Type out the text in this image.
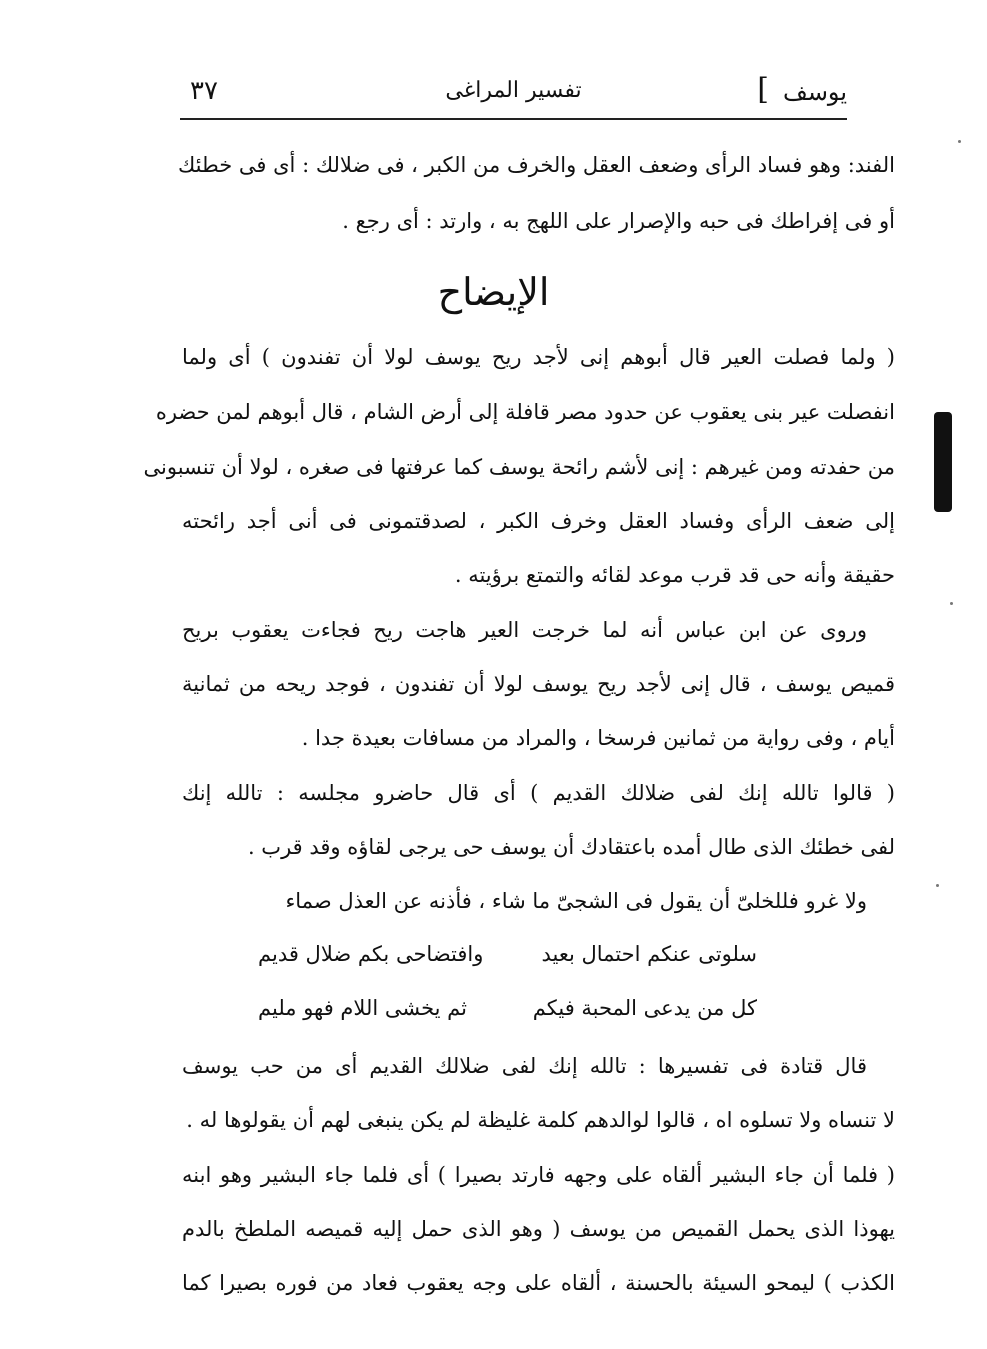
يوسف
]
تفسير المراغى
٣٧
الفند: وهو فساد الرأى وضعف العقل والخرف من الكبر ، فى ضلالك : أى فى خطئك
أو فى إفراطك فى حبه والإصرار على اللهج به ، وارتد : أى رجع .
الإيضاح
( ولما فصلت العير قال أبوهم إنى لأجد ريح يوسف لولا أن تفندون ) أى ولما
انفصلت عير بنى يعقوب عن حدود مصر قافلة إلى أرض الشام ، قال أبوهم لمن حضره
من حفدته ومن غيرهم : إنى لأشم رائحة يوسف كما عرفتها فى صغره ، لولا أن تنسبونى
إلى ضعف الرأى وفساد العقل وخرف الكبر ، لصدقتمونى فى أنى أجد رائحته
حقيقة وأنه حى قد قرب موعد لقائه والتمتع برؤيته .
وروى عن ابن عباس أنه لما خرجت العير هاجت ريح فجاءت يعقوب بريح
قميص يوسف ، قال إنى لأجد ريح يوسف لولا أن تفندون ، فوجد ريحه من ثمانية
أيام ، وفى رواية من ثمانين فرسخا ، والمراد من مسافات بعيدة جدا .
( قالوا تالله إنك لفى ضلالك القديم ) أى قال حاضرو مجلسه : تالله إنك
لفى خطئك الذى طال أمده باعتقادك أن يوسف حى يرجى لقاؤه وقد قرب .
ولا غرو فللخلىّ أن يقول فى الشجىّ ما شاء ، فأذنه عن العذل صماء
سلوتى عنكم احتمال بعيد
وافتضاحى بكم ضلال قديم
كل من يدعى المحبة فيكم
ثم يخشى اللام فهو مليم
قال قتادة فى تفسيرها : تالله إنك لفى ضلالك القديم أى من حب يوسف
لا تنساه ولا تسلوه اه ، قالوا لوالدهم كلمة غليظة لم يكن ينبغى لهم أن يقولوها له .
( فلما أن جاء البشير ألقاه على وجهه فارتد بصيرا ) أى فلما جاء البشير وهو ابنه
يهوذا الذى يحمل القميص من يوسف ( وهو الذى حمل إليه قميصه الملطخ بالدم
الكذب ) ليمحو السيئة بالحسنة ، ألقاه على وجه يعقوب فعاد من فوره بصيرا كما
